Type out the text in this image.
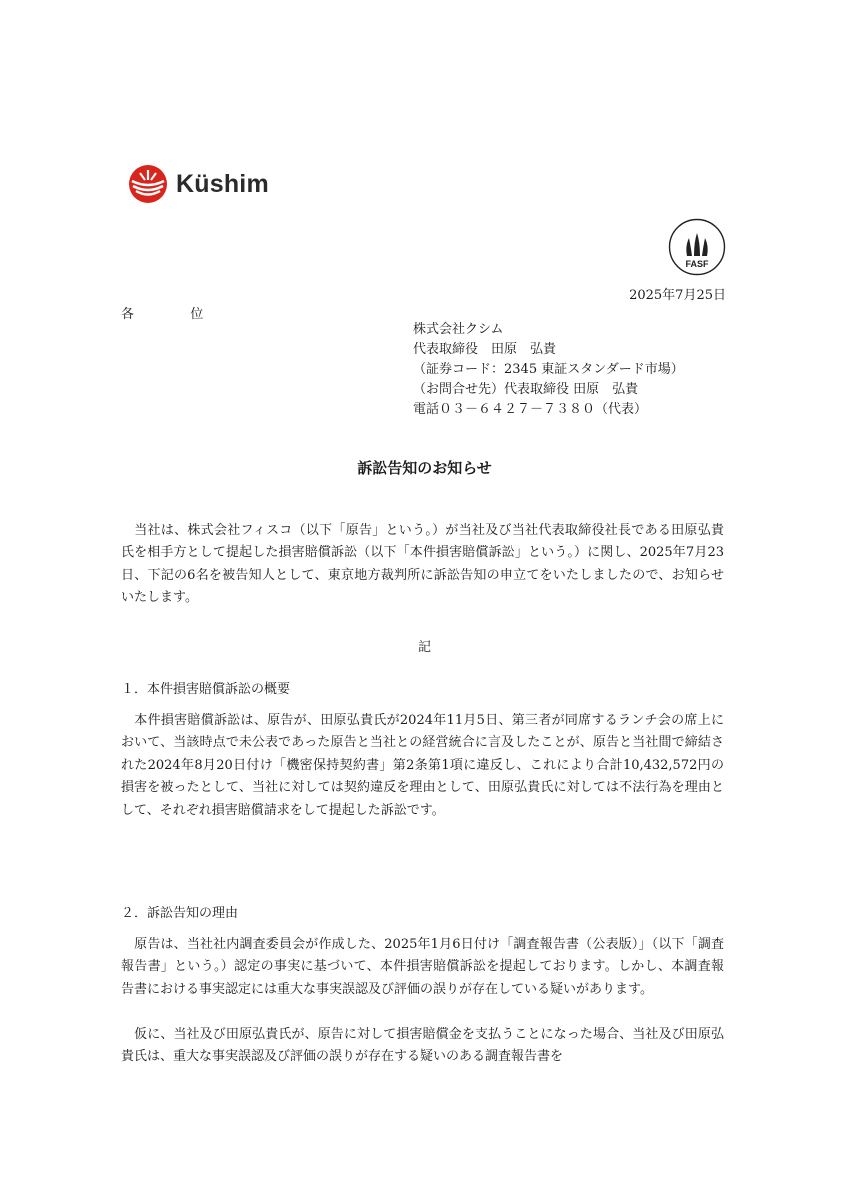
Küshim
FASF
2025年7月25日
各	位
株式会社クシム
代表取締役　田原　弘貴
（証券コード：2345 東証スタンダード市場）
（お問合せ先）代表取締役 田原　弘貴
電話０３－６４２７－７３８０（代表）
訴訟告知のお知らせ

　当社は、株式会社フィスコ（以下「原告」という。）が当社及び当社代表取締役社長である田原弘貴氏を相手方として提起した損害賠償訴訟（以下「本件損害賠償訴訟」という。）に関し、2025年7月23日、下記の6名を被告知人として、東京地方裁判所に訴訟告知の申立てをいたしましたので、お知らせいたします。

記
１．本件損害賠償訴訟の概要

　本件損害賠償訴訟は、原告が、田原弘貴氏が2024年11月5日、第三者が同席するランチ会の席上において、当該時点で未公表であった原告と当社との経営統合に言及したことが、原告と当社間で締結された2024年8月20日付け「機密保持契約書」第2条第1項に違反し、これにより合計10,432,572円の損害を被ったとして、当社に対しては契約違反を理由として、田原弘貴氏に対しては不法行為を理由として、それぞれ損害賠償請求をして提起した訴訟です。

２．訴訟告知の理由

　原告は、当社社内調査委員会が作成した、2025年1月6日付け「調査報告書（公表版）」（以下「調査報告書」という。）認定の事実に基づいて、本件損害賠償訴訟を提起しております。しかし、本調査報告書における事実認定には重大な事実誤認及び評価の誤りが存在している疑いがあります。

　仮に、当社及び田原弘貴氏が、原告に対して損害賠償金を支払うことになった場合、当社及び田原弘貴氏は、重大な事実誤認及び評価の誤りが存在する疑いのある調査報告書を
